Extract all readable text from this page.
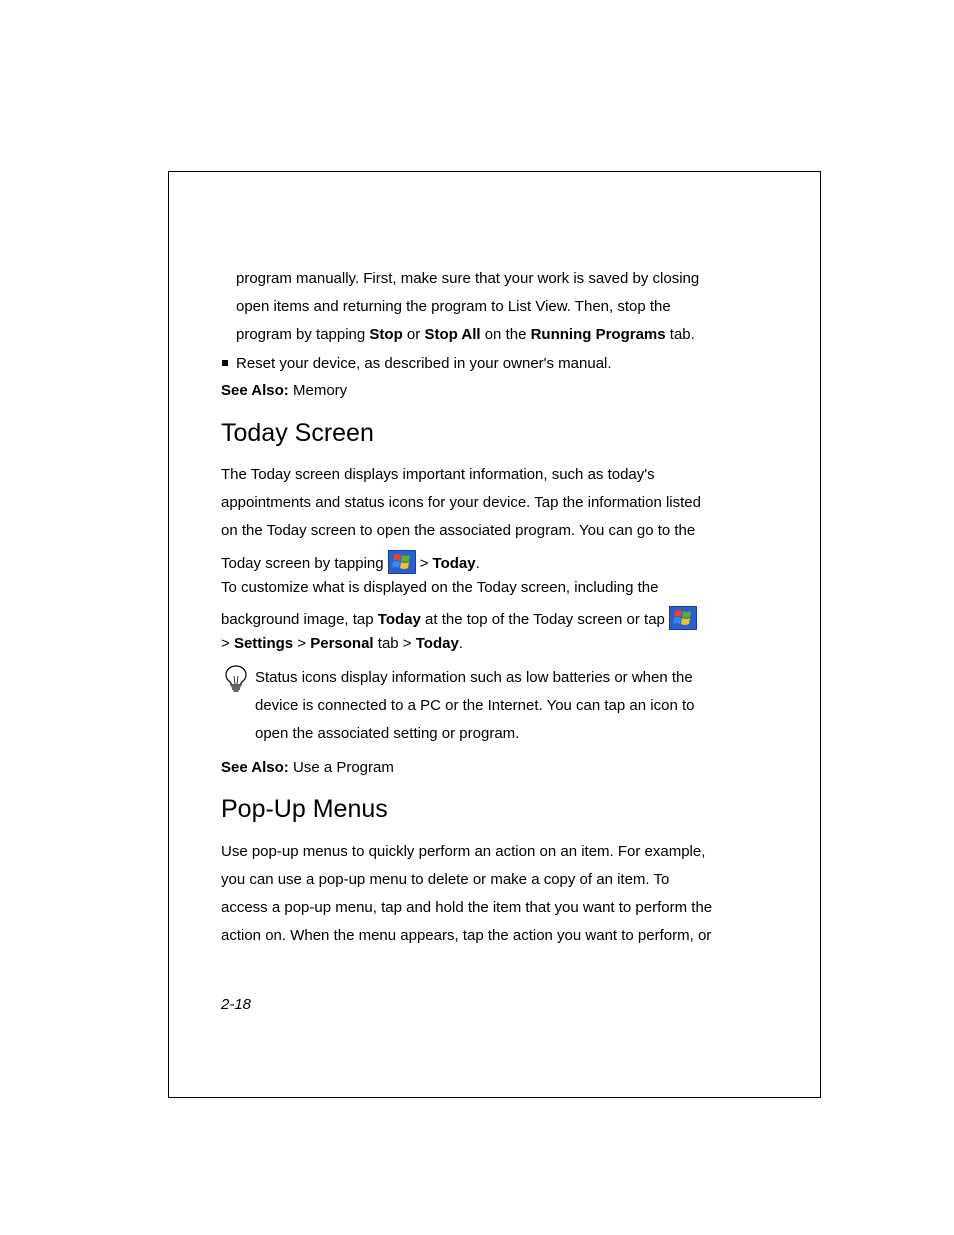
program manually. First, make sure that your work is saved by closing
open items and returning the program to List View. Then, stop the
program by tapping Stop or Stop All on the Running Programs tab.
Reset your device, as described in your owner's manual.
See Also: Memory
Today Screen
The Today screen displays important information, such as today's
appointments and status icons for your device. Tap the information listed
on the Today screen to open the associated program. You can go to the
Today screen by tapping > Today.
To customize what is displayed on the Today screen, including the
background image, tap Today at the top of the Today screen or tap
> Settings > Personal tab > Today.
Status icons display information such as low batteries or when the
device is connected to a PC or the Internet. You can tap an icon to
open the associated setting or program.
See Also: Use a Program
Pop-Up Menus
Use pop-up menus to quickly perform an action on an item. For example,
you can use a pop-up menu to delete or make a copy of an item. To
access a pop-up menu, tap and hold the item that you want to perform the
action on. When the menu appears, tap the action you want to perform, or
2-18
